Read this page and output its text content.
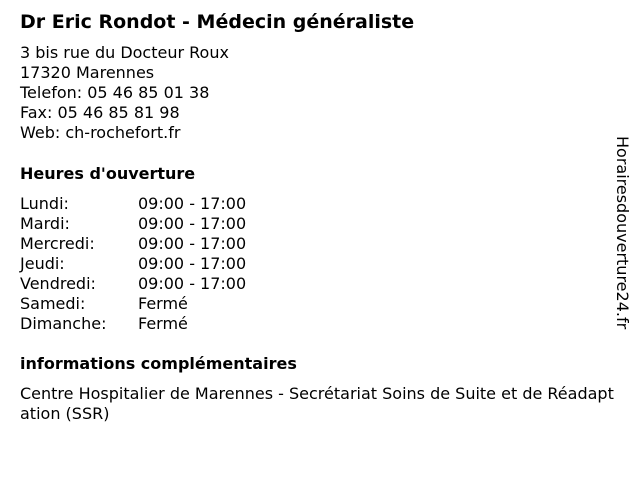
Dr Eric Rondot - Médecin généraliste
3 bis rue du Docteur Roux
17320 Marennes
Telefon: 05 46 85 01 38
Fax: 05 46 85 81 98
Web: ch-rochefort.fr
Heures d'ouverture
Lundi:	09:00 - 17:00
Mardi:	09:00 - 17:00
Mercredi:	09:00 - 17:00
Jeudi:	09:00 - 17:00
Vendredi:	09:00 - 17:00
Samedi:	Fermé
Dimanche:	Fermé
informations complémentaires
Centre Hospitalier de Marennes - Secrétariat Soins de Suite et de Réadaptation (SSR)
Horairesdouverture24.fr
